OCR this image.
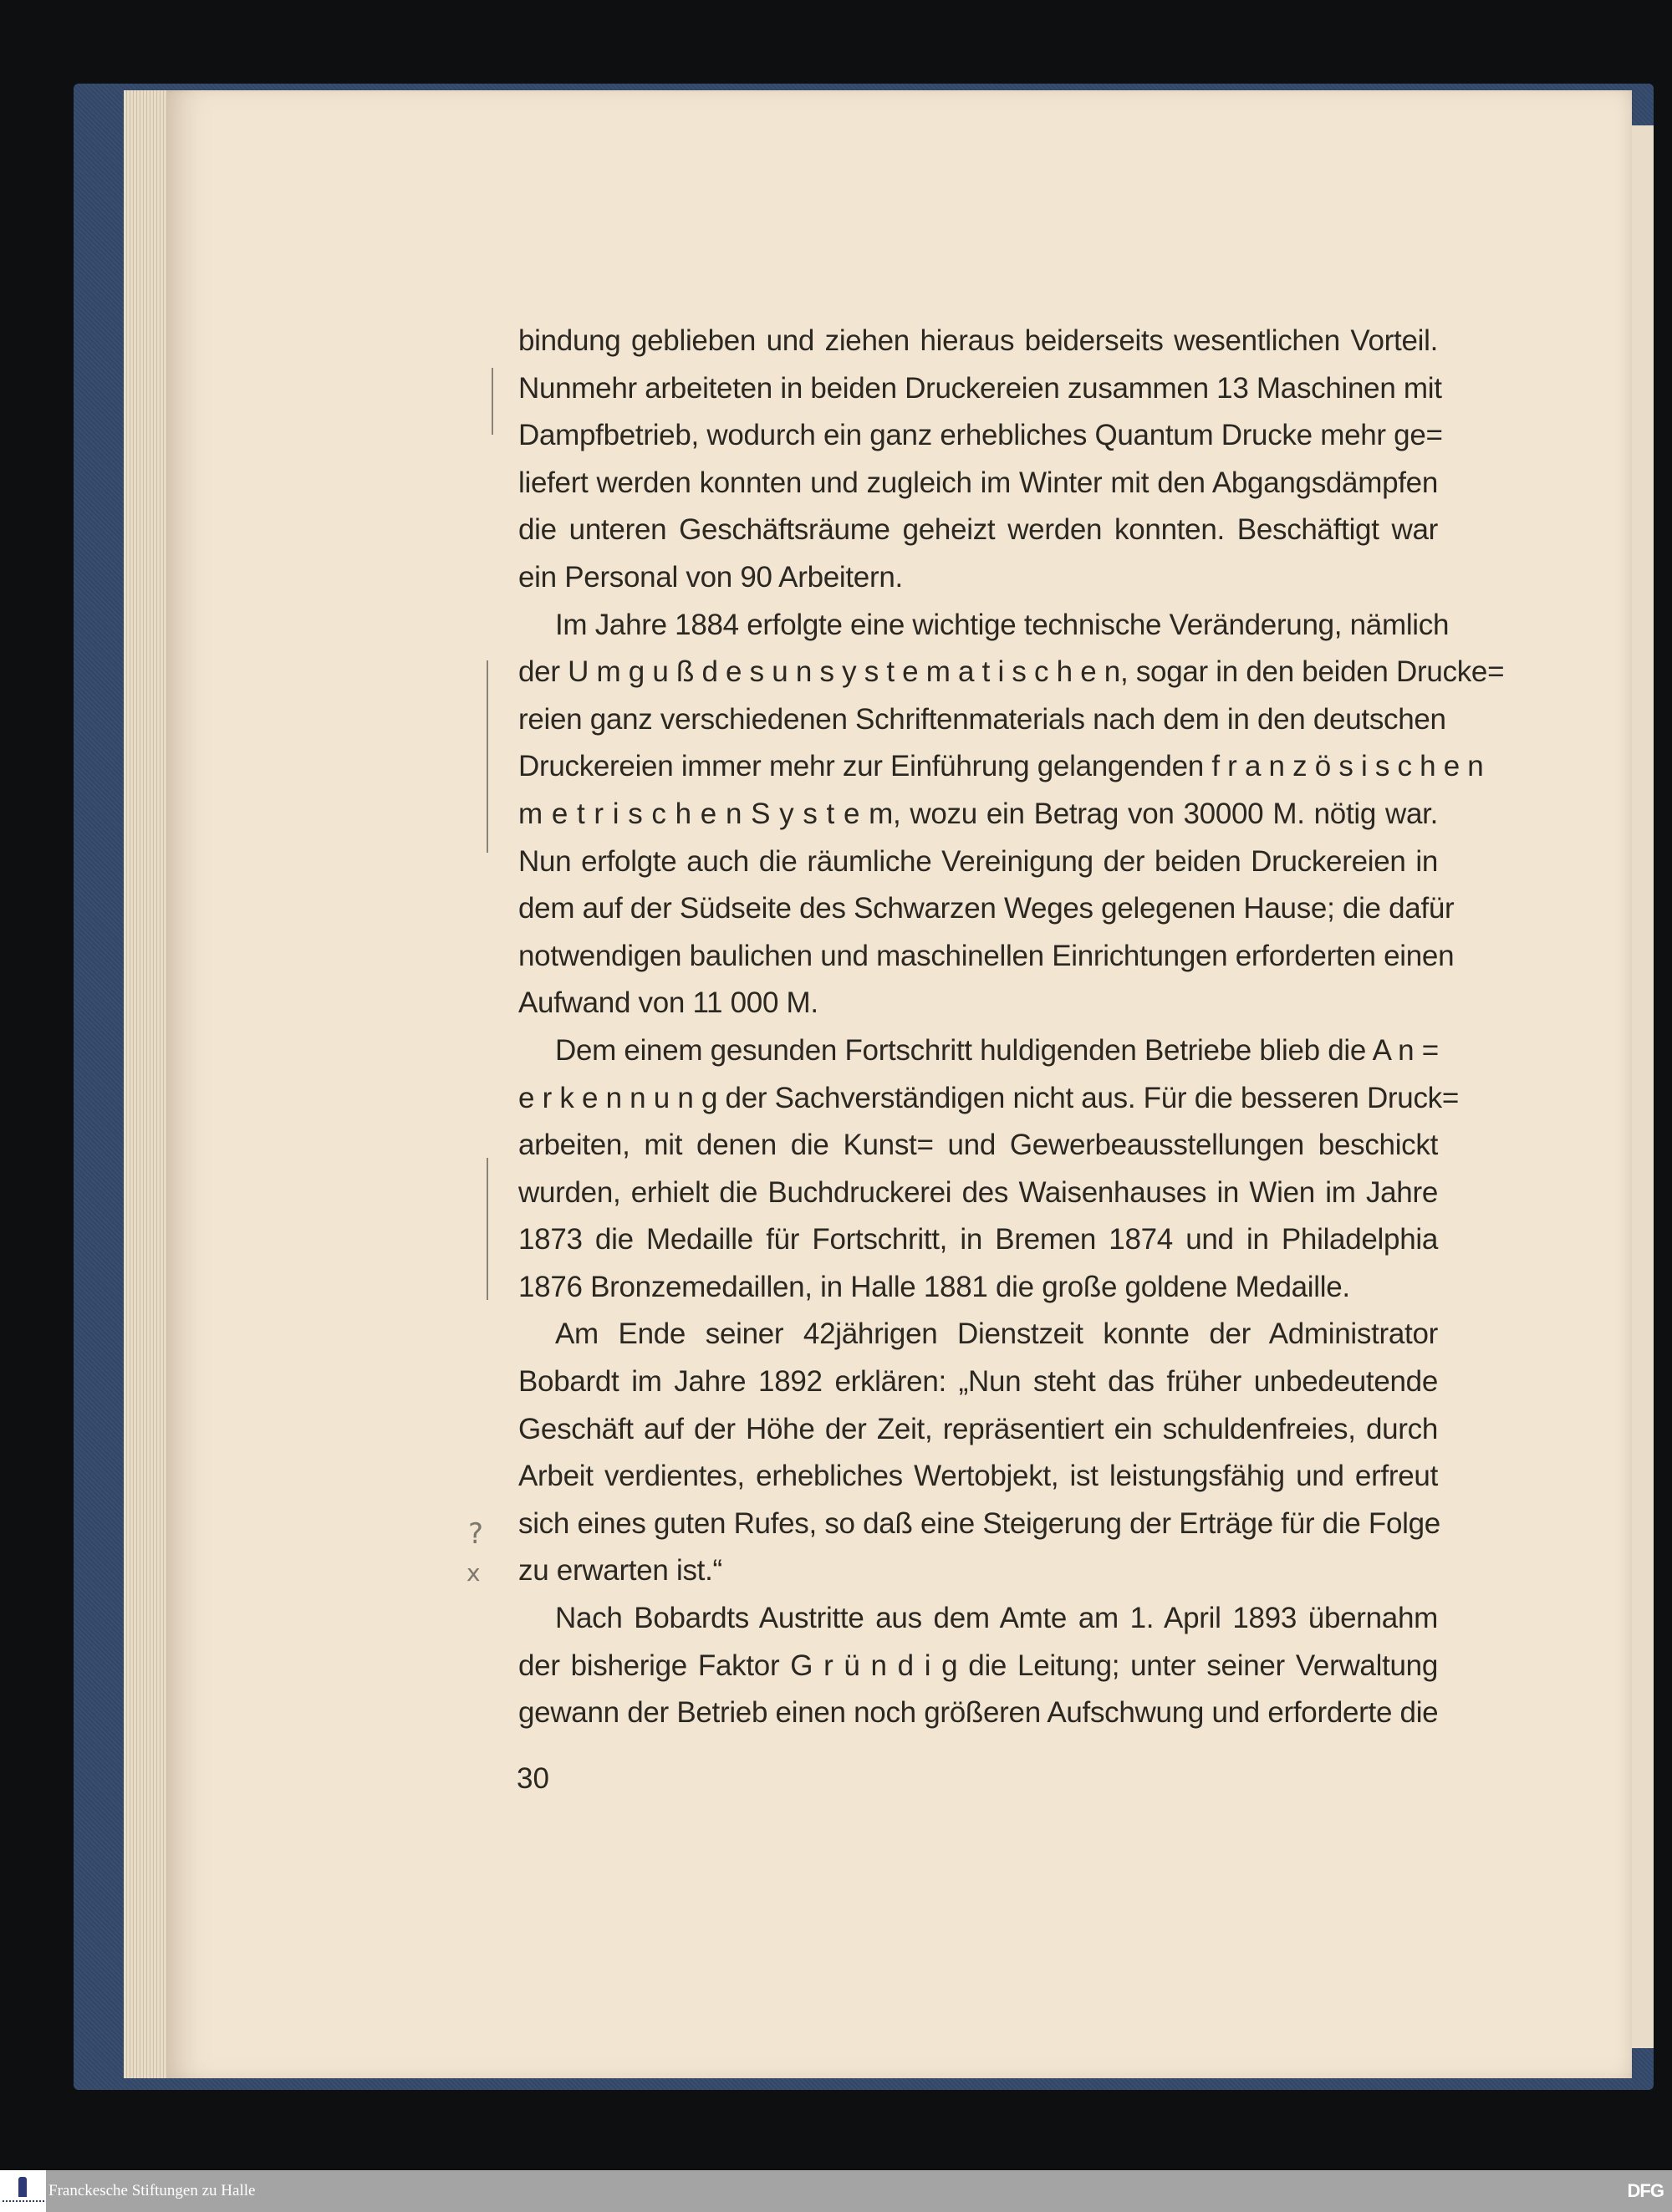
?
x
bindung geblieben und ziehen hieraus beiderseits wesentlichen Vorteil.
Nunmehr arbeiteten in beiden Druckereien zusammen 13 Maschinen mit
Dampfbetrieb, wodurch ein ganz erhebliches Quantum Drucke mehr ge=
liefert werden konnten und zugleich im Winter mit den Abgangsdämpfen
die unteren Geschäftsräume geheizt werden konnten. Beschäftigt war
ein Personal von 90 Arbeitern.
Im Jahre 1884 erfolgte eine wichtige technische Veränderung, nämlich
der U m g u ß d e s u n s y s t e m a t i s c h e n, sogar in den beiden Drucke=
reien ganz verschiedenen Schriftenmaterials nach dem in den deutschen
Druckereien immer mehr zur Einführung gelangenden f r a n z ö s i s c h e n
m e t r i s c h e n S y s t e m, wozu ein Betrag von 30000 M. nötig war.
Nun erfolgte auch die räumliche Vereinigung der beiden Druckereien in
dem auf der Südseite des Schwarzen Weges gelegenen Hause; die dafür
notwendigen baulichen und maschinellen Einrichtungen erforderten einen
Aufwand von 11 000 M.
Dem einem gesunden Fortschritt huldigenden Betriebe blieb die A n =
e r k e n n u n g der Sachverständigen nicht aus. Für die besseren Druck=
arbeiten, mit denen die Kunst= und Gewerbeausstellungen beschickt
wurden, erhielt die Buchdruckerei des Waisenhauses in Wien im Jahre
1873 die Medaille für Fortschritt, in Bremen 1874 und in Philadelphia
1876 Bronzemedaillen, in Halle 1881 die große goldene Medaille.
Am Ende seiner 42jährigen Dienstzeit konnte der Administrator
Bobardt im Jahre 1892 erklären: „Nun steht das früher unbedeutende
Geschäft auf der Höhe der Zeit, repräsentiert ein schuldenfreies, durch
Arbeit verdientes, erhebliches Wertobjekt, ist leistungsfähig und erfreut
sich eines guten Rufes, so daß eine Steigerung der Erträge für die Folge
zu erwarten ist.“
Nach Bobardts Austritte aus dem Amte am 1. April 1893 übernahm
der bisherige Faktor G r ü n d i g die Leitung; unter seiner Verwaltung
gewann der Betrieb einen noch größeren Aufschwung und erforderte die
30
Franckesche Stiftungen zu Halle	DFG
